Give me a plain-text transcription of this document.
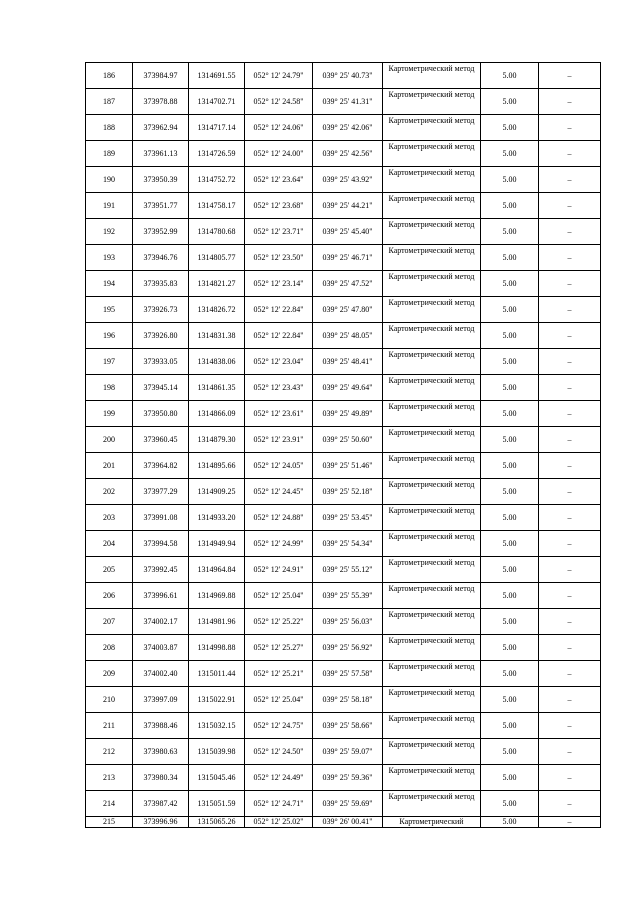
186	373984.97	1314691.55	052° 12' 24.79"	039° 25' 40.73"	Картометрический метод	5.00	–
187	373978.88	1314702.71	052° 12' 24.58"	039° 25' 41.31"	Картометрический метод	5.00	–
188	373962.94	1314717.14	052° 12' 24.06"	039° 25' 42.06"	Картометрический метод	5.00	–
189	373961.13	1314726.59	052° 12' 24.00"	039° 25' 42.56"	Картометрический метод	5.00	–
190	373950.39	1314752.72	052° 12' 23.64"	039° 25' 43.92"	Картометрический метод	5.00	–
191	373951.77	1314758.17	052° 12' 23.68"	039° 25' 44.21"	Картометрический метод	5.00	–
192	373952.99	1314780.68	052° 12' 23.71"	039° 25' 45.40"	Картометрический метод	5.00	–
193	373946.76	1314805.77	052° 12' 23.50"	039° 25' 46.71"	Картометрический метод	5.00	–
194	373935.83	1314821.27	052° 12' 23.14"	039° 25' 47.52"	Картометрический метод	5.00	–
195	373926.73	1314826.72	052° 12' 22.84"	039° 25' 47.80"	Картометрический метод	5.00	–
196	373926.80	1314831.38	052° 12' 22.84"	039° 25' 48.05"	Картометрический метод	5.00	–
197	373933.05	1314838.06	052° 12' 23.04"	039° 25' 48.41"	Картометрический метод	5.00	–
198	373945.14	1314861.35	052° 12' 23.43"	039° 25' 49.64"	Картометрический метод	5.00	–
199	373950.80	1314866.09	052° 12' 23.61"	039° 25' 49.89"	Картометрический метод	5.00	–
200	373960.45	1314879.30	052° 12' 23.91"	039° 25' 50.60"	Картометрический метод	5.00	–
201	373964.82	1314895.66	052° 12' 24.05"	039° 25' 51.46"	Картометрический метод	5.00	–
202	373977.29	1314909.25	052° 12' 24.45"	039° 25' 52.18"	Картометрический метод	5.00	–
203	373991.08	1314933.20	052° 12' 24.88"	039° 25' 53.45"	Картометрический метод	5.00	–
204	373994.58	1314949.94	052° 12' 24.99"	039° 25' 54.34"	Картометрический метод	5.00	–
205	373992.45	1314964.84	052° 12' 24.91"	039° 25' 55.12"	Картометрический метод	5.00	–
206	373996.61	1314969.88	052° 12' 25.04"	039° 25' 55.39"	Картометрический метод	5.00	–
207	374002.17	1314981.96	052° 12' 25.22"	039° 25' 56.03"	Картометрический метод	5.00	–
208	374003.87	1314998.88	052° 12' 25.27"	039° 25' 56.92"	Картометрический метод	5.00	–
209	374002.40	1315011.44	052° 12' 25.21"	039° 25' 57.58"	Картометрический метод	5.00	–
210	373997.09	1315022.91	052° 12' 25.04"	039° 25' 58.18"	Картометрический метод	5.00	–
211	373988.46	1315032.15	052° 12' 24.75"	039° 25' 58.66"	Картометрический метод	5.00	–
212	373980.63	1315039.98	052° 12' 24.50"	039° 25' 59.07"	Картометрический метод	5.00	–
213	373980.34	1315045.46	052° 12' 24.49"	039° 25' 59.36"	Картометрический метод	5.00	–
214	373987.42	1315051.59	052° 12' 24.71"	039° 25' 59.69"	Картометрический метод	5.00	–
215	373996.96	1315065.26	052° 12' 25.02"	039° 26' 00.41"	Картометрический	5.00	–
